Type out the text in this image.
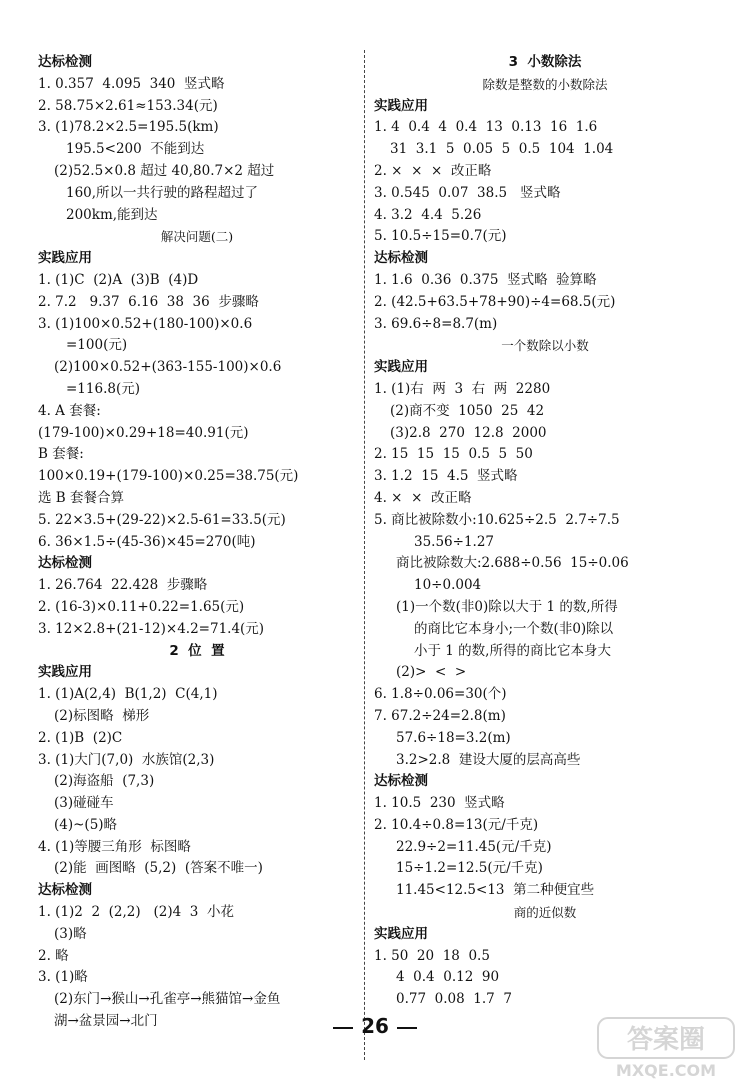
达标检测
1. 0.357  4.095  340  竖式略
2. 58.75×2.61≈153.34(元)
3. (1)78.2×2.5=195.5(km)
195.5<200  不能到达
(2)52.5×0.8 超过 40,80.7×2 超过
160,所以一共行驶的路程超过了
200km,能到达
解决问题(二)
实践应用
1. (1)C  (2)A  (3)B  (4)D
2. 7.2   9.37  6.16  38  36  步骤略
3. (1)100×0.52+(180-100)×0.6
=100(元)
(2)100×0.52+(363-155-100)×0.6
=116.8(元)
4. A 套餐:
(179-100)×0.29+18=40.91(元)
B 套餐:
100×0.19+(179-100)×0.25=38.75(元)
选 B 套餐合算
5. 22×3.5+(29-22)×2.5-61=33.5(元)
6. 36×1.5÷(45-36)×45=270(吨)
达标检测
1. 26.764  22.428  步骤略
2. (16-3)×0.11+0.22=1.65(元)
3. 12×2.8+(21-12)×4.2=71.4(元)
2  位  置
实践应用
1. (1)A(2,4)  B(1,2)  C(4,1)
(2)标图略  梯形
2. (1)B  (2)C
3. (1)大门(7,0)  水族馆(2,3)
(2)海盗船  (7,3)
(3)碰碰车
(4)~(5)略
4. (1)等腰三角形  标图略
(2)能  画图略  (5,2)  (答案不唯一)
达标检测
1. (1)2  2  (2,2)   (2)4  3  小花
(3)略
2. 略
3. (1)略
(2)东门→猴山→孔雀亭→熊猫馆→金鱼
湖→盆景园→北门
3  小数除法
除数是整数的小数除法
实践应用
1. 4  0.4  4  0.4  13  0.13  16  1.6
31  3.1  5  0.05  5  0.5  104  1.04
2. ×  ×  ×  改正略
3. 0.545  0.07  38.5   竖式略
4. 3.2  4.4  5.26
5. 10.5÷15=0.7(元)
达标检测
1. 1.6  0.36  0.375  竖式略  验算略
2. (42.5+63.5+78+90)÷4=68.5(元)
3. 69.6÷8=8.7(m)
一个数除以小数
实践应用
1. (1)右  两  3  右  两  2280
(2)商不变  1050  25  42
(3)2.8  270  12.8  2000
2. 15  15  15  0.5  5  50
3. 1.2  15  4.5  竖式略
4. ×  ×  改正略
5. 商比被除数小:10.625÷2.5  2.7÷7.5
35.56÷1.27
商比被除数大:2.688÷0.56  15÷0.06
10÷0.004
(1)一个数(非0)除以大于 1 的数,所得
的商比它本身小;一个数(非0)除以
小于 1 的数,所得的商比它本身大
(2)>  <  >
6. 1.8÷0.06=30(个)
7. 67.2÷24=2.8(m)
57.6÷18=3.2(m)
3.2>2.8  建设大厦的层高高些
达标检测
1. 10.5  230  竖式略
2. 10.4÷0.8=13(元/千克)
22.9÷2=11.45(元/千克)
15÷1.2=12.5(元/千克)
11.45<12.5<13  第二种便宜些
商的近似数
实践应用
1. 50  20  18  0.5
4  0.4  0.12  90
0.77  0.08  1.7  7
26	答案圈
MXQE.COM
